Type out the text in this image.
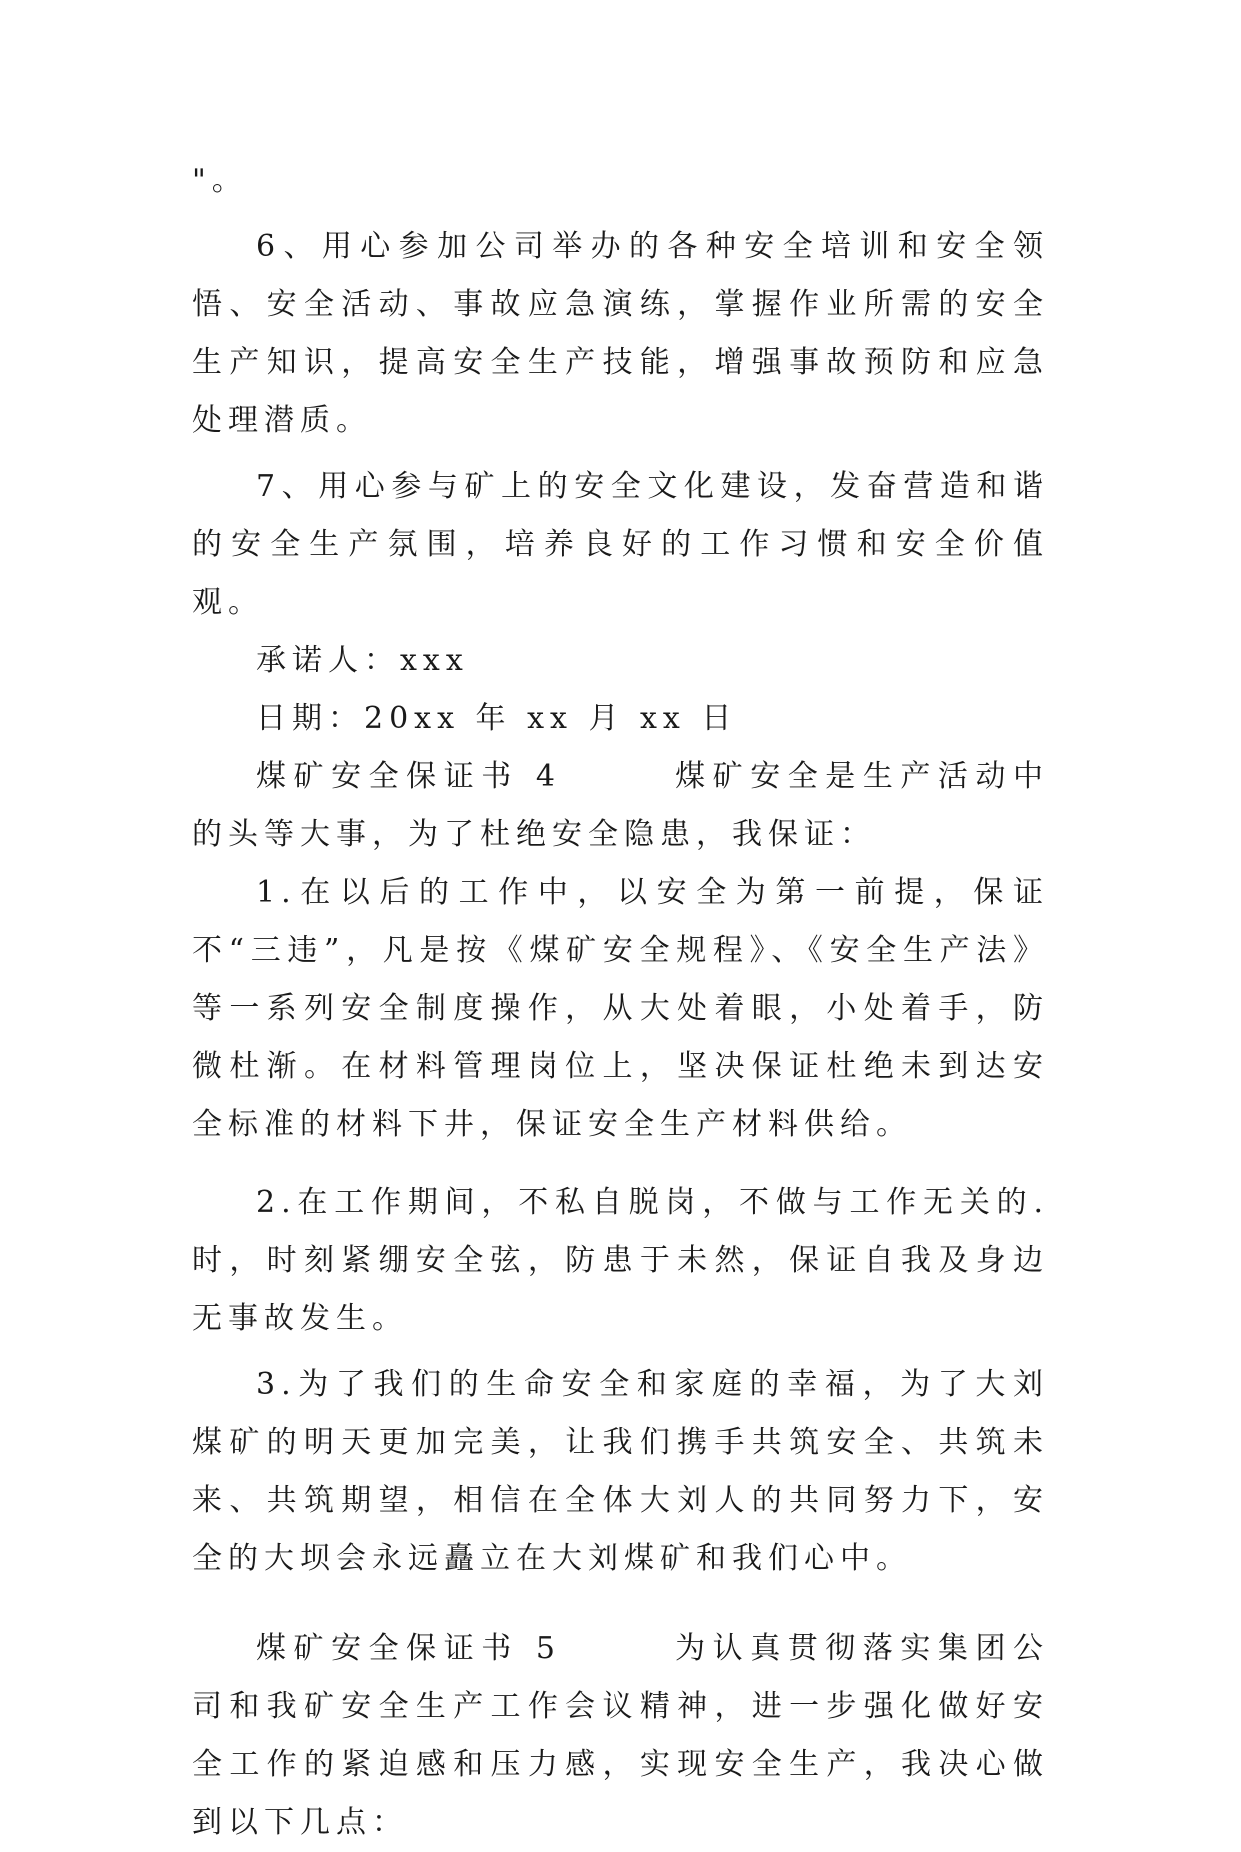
"。

6、用心参加公司举办的各种安全培训和安全领悟、安全活动、事故应急演练，掌握作业所需的安全生产知识，提高安全生产技能，增强事故预防和应急处理潜质。

7、用心参与矿上的安全文化建设，发奋营造和谐的安全生产氛围，培养良好的工作习惯和安全价值观。

承诺人：xxx

日期：20xx 年 xx 月 xx 日

煤矿安全保证书 4　　　煤矿安全是生产活动中的头等大事，为了杜绝安全隐患，我保证：

1.在以后的工作中，以安全为第一前提，保证不“三违”，凡是按《煤矿安全规程》、《安全生产法》等一系列安全制度操作，从大处着眼，小处着手，防微杜渐。在材料管理岗位上，坚决保证杜绝未到达安全标准的材料下井，保证安全生产材料供给。

2.在工作期间，不私自脱岗，不做与工作无关的.时，时刻紧绷安全弦，防患于未然，保证自我及身边无事故发生。

3.为了我们的生命安全和家庭的幸福，为了大刘煤矿的明天更加完美，让我们携手共筑安全、共筑未来、共筑期望，相信在全体大刘人的共同努力下，安全的大坝会永远矗立在大刘煤矿和我们心中。

煤矿安全保证书 5　　　为认真贯彻落实集团公司和我矿安全生产工作会议精神，进一步强化做好安全工作的紧迫感和压力感，实现安全生产，我决心做到以下几点：
